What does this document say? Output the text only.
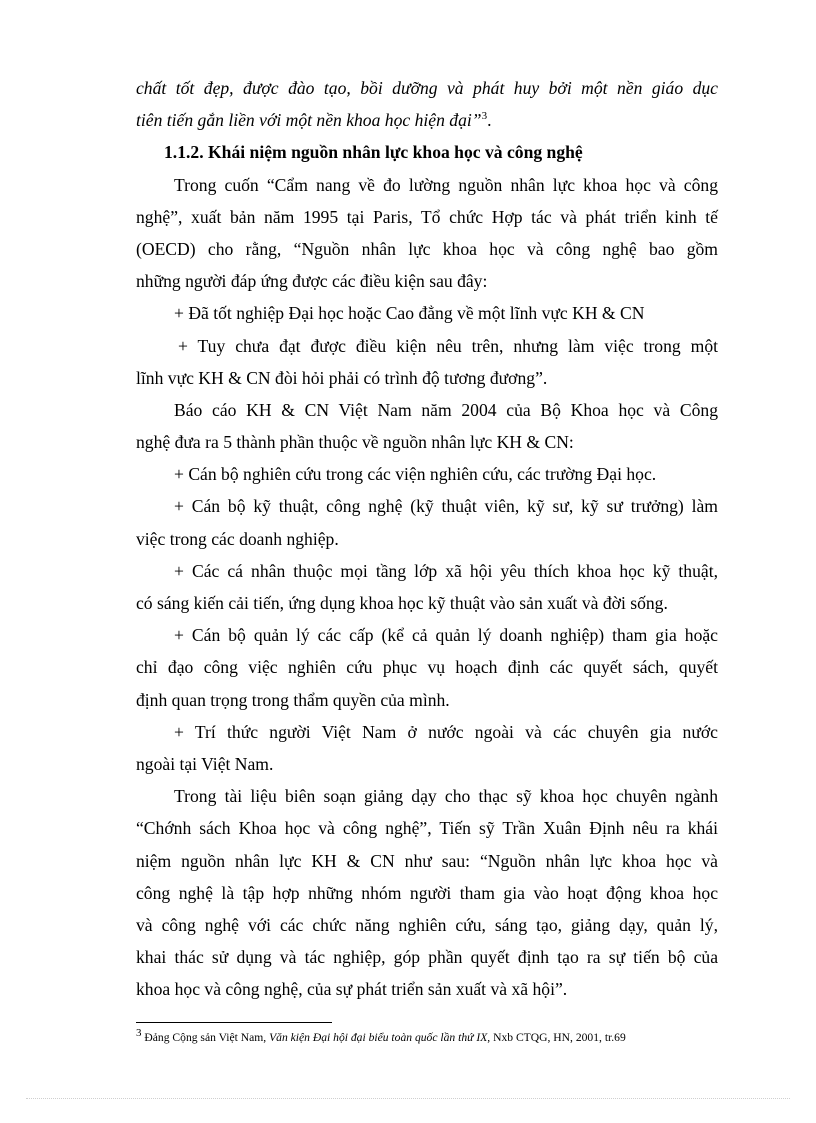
chất tốt đẹp, được đào tạo, bồi dưỡng và phát huy bởi một nền giáo dục
tiên tiến gắn liền với một nền khoa học hiện đại”$^3$.
1.1.2. Khái niệm nguồn nhân lực khoa học và công nghệ
Trong cuốn “Cẩm nang về đo lường nguồn nhân lực khoa học và công
nghệ”, xuất bản năm 1995 tại Paris, Tổ chức Hợp tác và phát triển kinh tế
(OECD) cho rằng, “Nguồn nhân lực khoa học và công nghệ bao gồm
những người đáp ứng được các điều kiện sau đây:
+ Đã tốt nghiệp Đại học hoặc Cao đẳng về một lĩnh vực KH & CN
+ Tuy chưa đạt được điều kiện nêu trên, nhưng làm việc trong một
lĩnh vực KH & CN đòi hỏi phải có trình độ tương đương”.
Báo cáo KH & CN Việt Nam năm 2004 của Bộ Khoa học và Công
nghệ đưa ra 5 thành phần thuộc về nguồn nhân lực KH & CN:
+ Cán bộ nghiên cứu trong các viện nghiên cứu, các trường Đại học.
+ Cán bộ kỹ thuật, công nghệ (kỹ thuật viên, kỹ sư, kỹ sư trưởng) làm
việc trong các doanh nghiệp.
+ Các cá nhân thuộc mọi tầng lớp xã hội yêu thích khoa học kỹ thuật,
có sáng kiến cải tiến, ứng dụng khoa học kỹ thuật vào sản xuất và đời sống.
+ Cán bộ quản lý các cấp (kể cả quản lý doanh nghiệp) tham gia hoặc
chỉ đạo công việc nghiên cứu phục vụ hoạch định các quyết sách, quyết
định quan trọng trong thẩm quyền của mình.
+ Trí thức người Việt Nam ở nước ngoài và các chuyên gia nước
ngoài tại Việt Nam.
Trong tài liệu biên soạn giảng dạy cho thạc sỹ khoa học chuyên ngành
“Chớnh sách Khoa học và công nghệ”, Tiến sỹ Trần Xuân Định nêu ra khái
niệm nguồn nhân lực KH & CN như sau: “Nguồn nhân lực khoa học và
công nghệ là tập hợp những nhóm người tham gia vào hoạt động khoa học
và công nghệ với các chức năng nghiên cứu, sáng tạo, giảng dạy, quản lý,
khai thác sử dụng và tác nghiệp, góp phần quyết định tạo ra sự tiến bộ của
khoa học và công nghệ, của sự phát triển sản xuất và xã hội”.
$^3$ Đảng Cộng sản Việt Nam, Văn kiện Đại hội đại biểu toàn quốc lần thứ IX, Nxb CTQG, HN, 2001, tr.69
